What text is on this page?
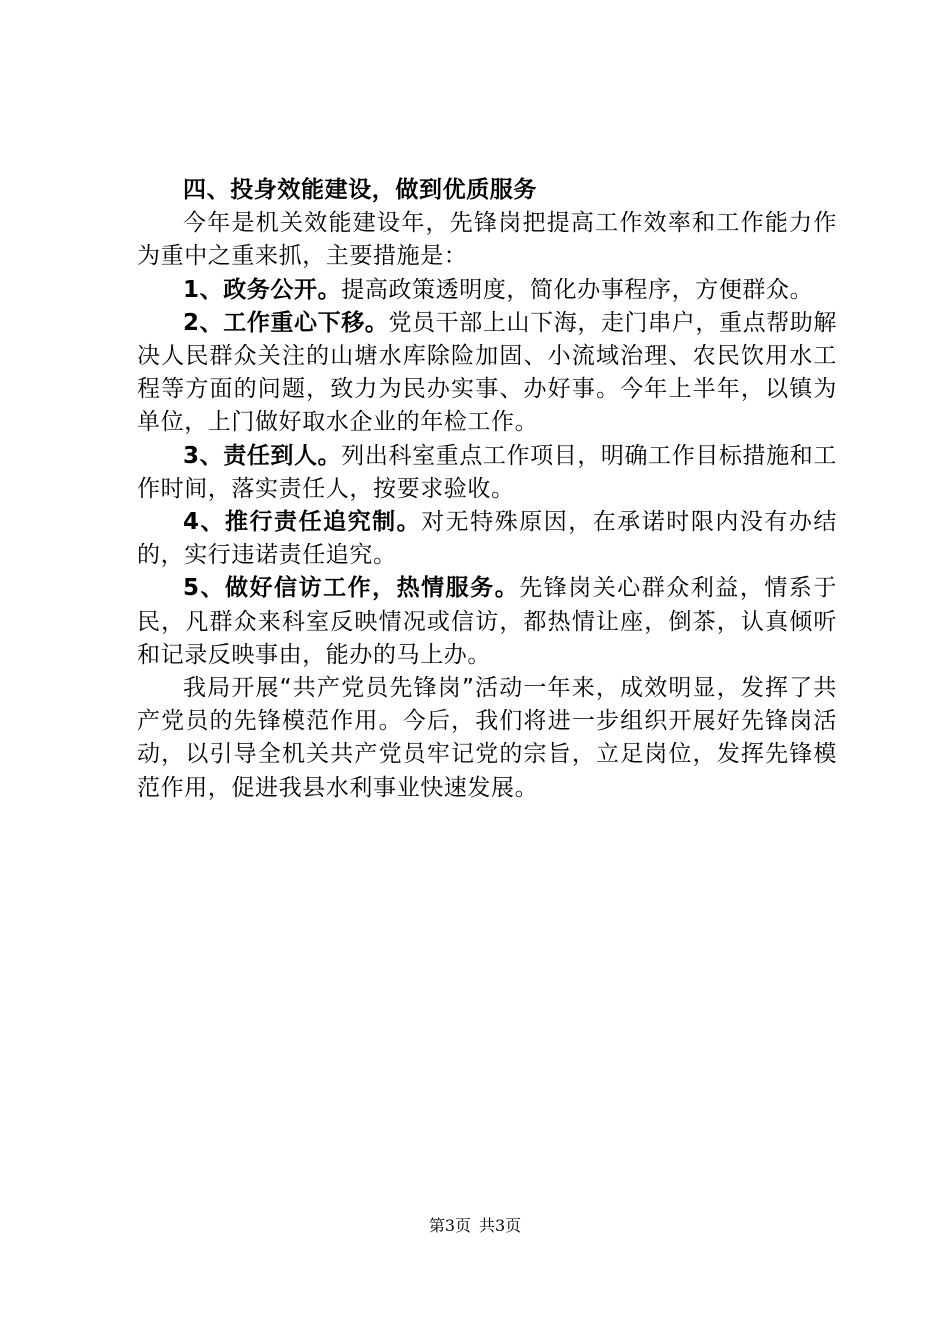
四、投身效能建设，做到优质服务

今年是机关效能建设年，先锋岗把提高工作效率和工作能力作为重中之重来抓，主要措施是：

1、政务公开。提高政策透明度，简化办事程序，方便群众。

2、工作重心下移。党员干部上山下海，走门串户，重点帮助解决人民群众关注的山塘水库除险加固、小流域治理、农民饮用水工程等方面的问题，致力为民办实事、办好事。今年上半年，以镇为单位，上门做好取水企业的年检工作。

3、责任到人。列出科室重点工作项目，明确工作目标措施和工作时间，落实责任人，按要求验收。

4、推行责任追究制。对无特殊原因，在承诺时限内没有办结的，实行违诺责任追究。

5、做好信访工作，热情服务。先锋岗关心群众利益，情系于民，凡群众来科室反映情况或信访，都热情让座，倒茶，认真倾听和记录反映事由，能办的马上办。

我局开展“共产党员先锋岗”活动一年来，成效明显，发挥了共产党员的先锋模范作用。今后，我们将进一步组织开展好先锋岗活动，以引导全机关共产党员牢记党的宗旨，立足岗位，发挥先锋模范作用，促进我县水利事业快速发展。

第3页 共3页
